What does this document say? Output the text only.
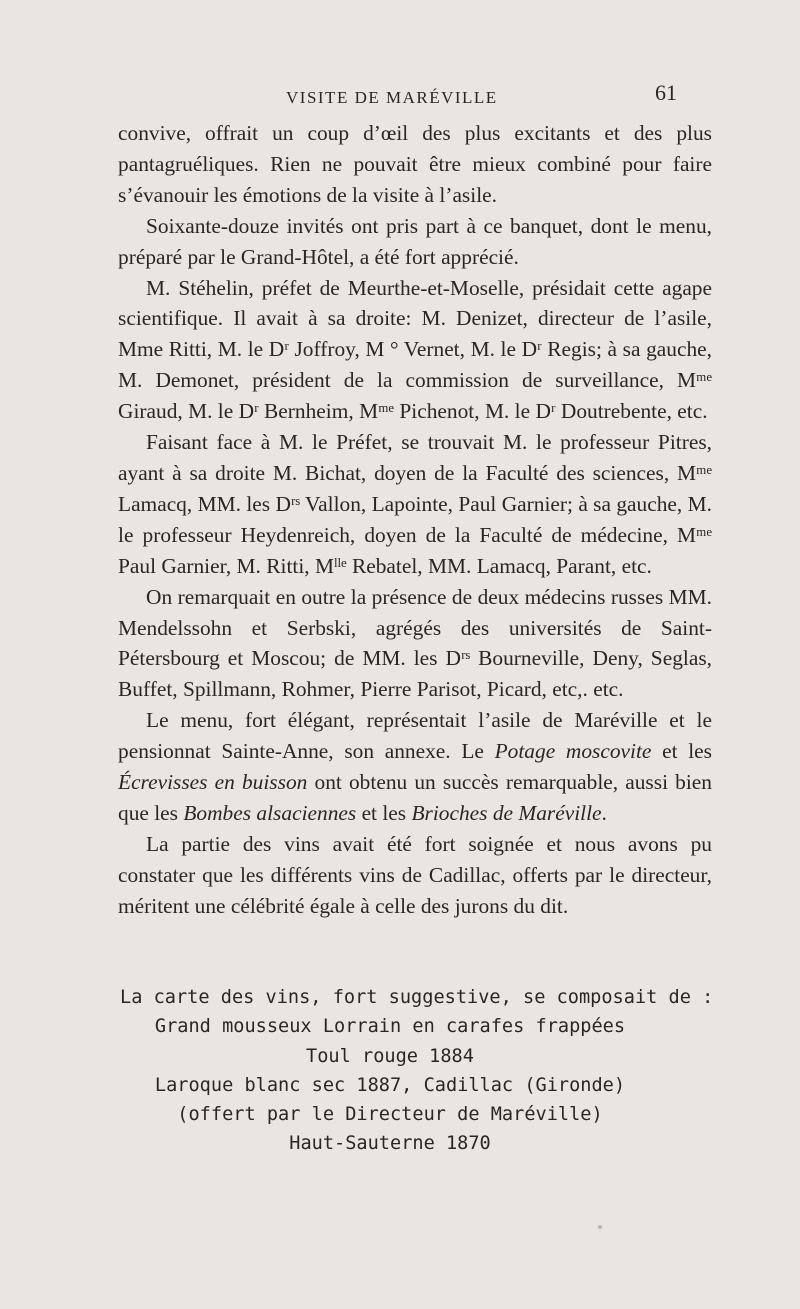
VISITE DE MARÉVILLE	61

convive, offrait un coup d’œil des plus excitants et des plus pantagruéliques. Rien ne pouvait être mieux combiné pour faire s’évanouir les émotions de la visite à l’asile.

Soixante-douze invités ont pris part à ce banquet, dont le menu, préparé par le Grand-Hôtel, a été fort apprécié.

M. Stéhelin, préfet de Meurthe-et-Moselle, présidait cette agape scientifique. Il avait à sa droite: M. Denizet, directeur de l’asile, Mme Ritti, M. le Dʳ Joffroy, M ° Vernet, M. le Dʳ Regis; à sa gauche, M. Demonet, président de la commission de surveillance, Mᵐᵉ Giraud, M. le Dʳ Bernheim, Mᵐᵉ Pichenot, M. le Dʳ Doutrebente, etc.

Faisant face à M. le Préfet, se trouvait M. le professeur Pitres, ayant à sa droite M. Bichat, doyen de la Faculté des sciences, Mᵐᵉ Lamacq, MM. les Dʳˢ Vallon, Lapointe, Paul Garnier; à sa gauche, M. le professeur Heydenreich, doyen de la Faculté de médecine, Mᵐᵉ Paul Garnier, M. Ritti, Mˡˡᵉ Rebatel, MM. Lamacq, Parant, etc.

On remarquait en outre la présence de deux médecins russes MM. Mendelssohn et Serbski, agrégés des universités de Saint-Pétersbourg et Moscou; de MM. les Dʳˢ Bourneville, Deny, Seglas, Buffet, Spillmann, Rohmer, Pierre Parisot, Picard, etc,. etc.

Le menu, fort élégant, représentait l’asile de Maréville et le pensionnat Sainte-Anne, son annexe. Le Potage moscovite et les Écrevisses en buisson ont obtenu un succès remarquable, aussi bien que les Bombes alsaciennes et les Brioches de Maréville.

La partie des vins avait été fort soignée et nous avons pu constater que les différents vins de Cadillac, offerts par le directeur, méritent une célébrité égale à celle des jurons du dit.

La carte des vins, fort suggestive, se composait de :

Grand mousseux Lorrain en carafes frappées
Toul rouge 1884
Laroque blanc sec 1887, Cadillac (Gironde)
(offert par le Directeur de Maréville)
Haut-Sauterne 1870
